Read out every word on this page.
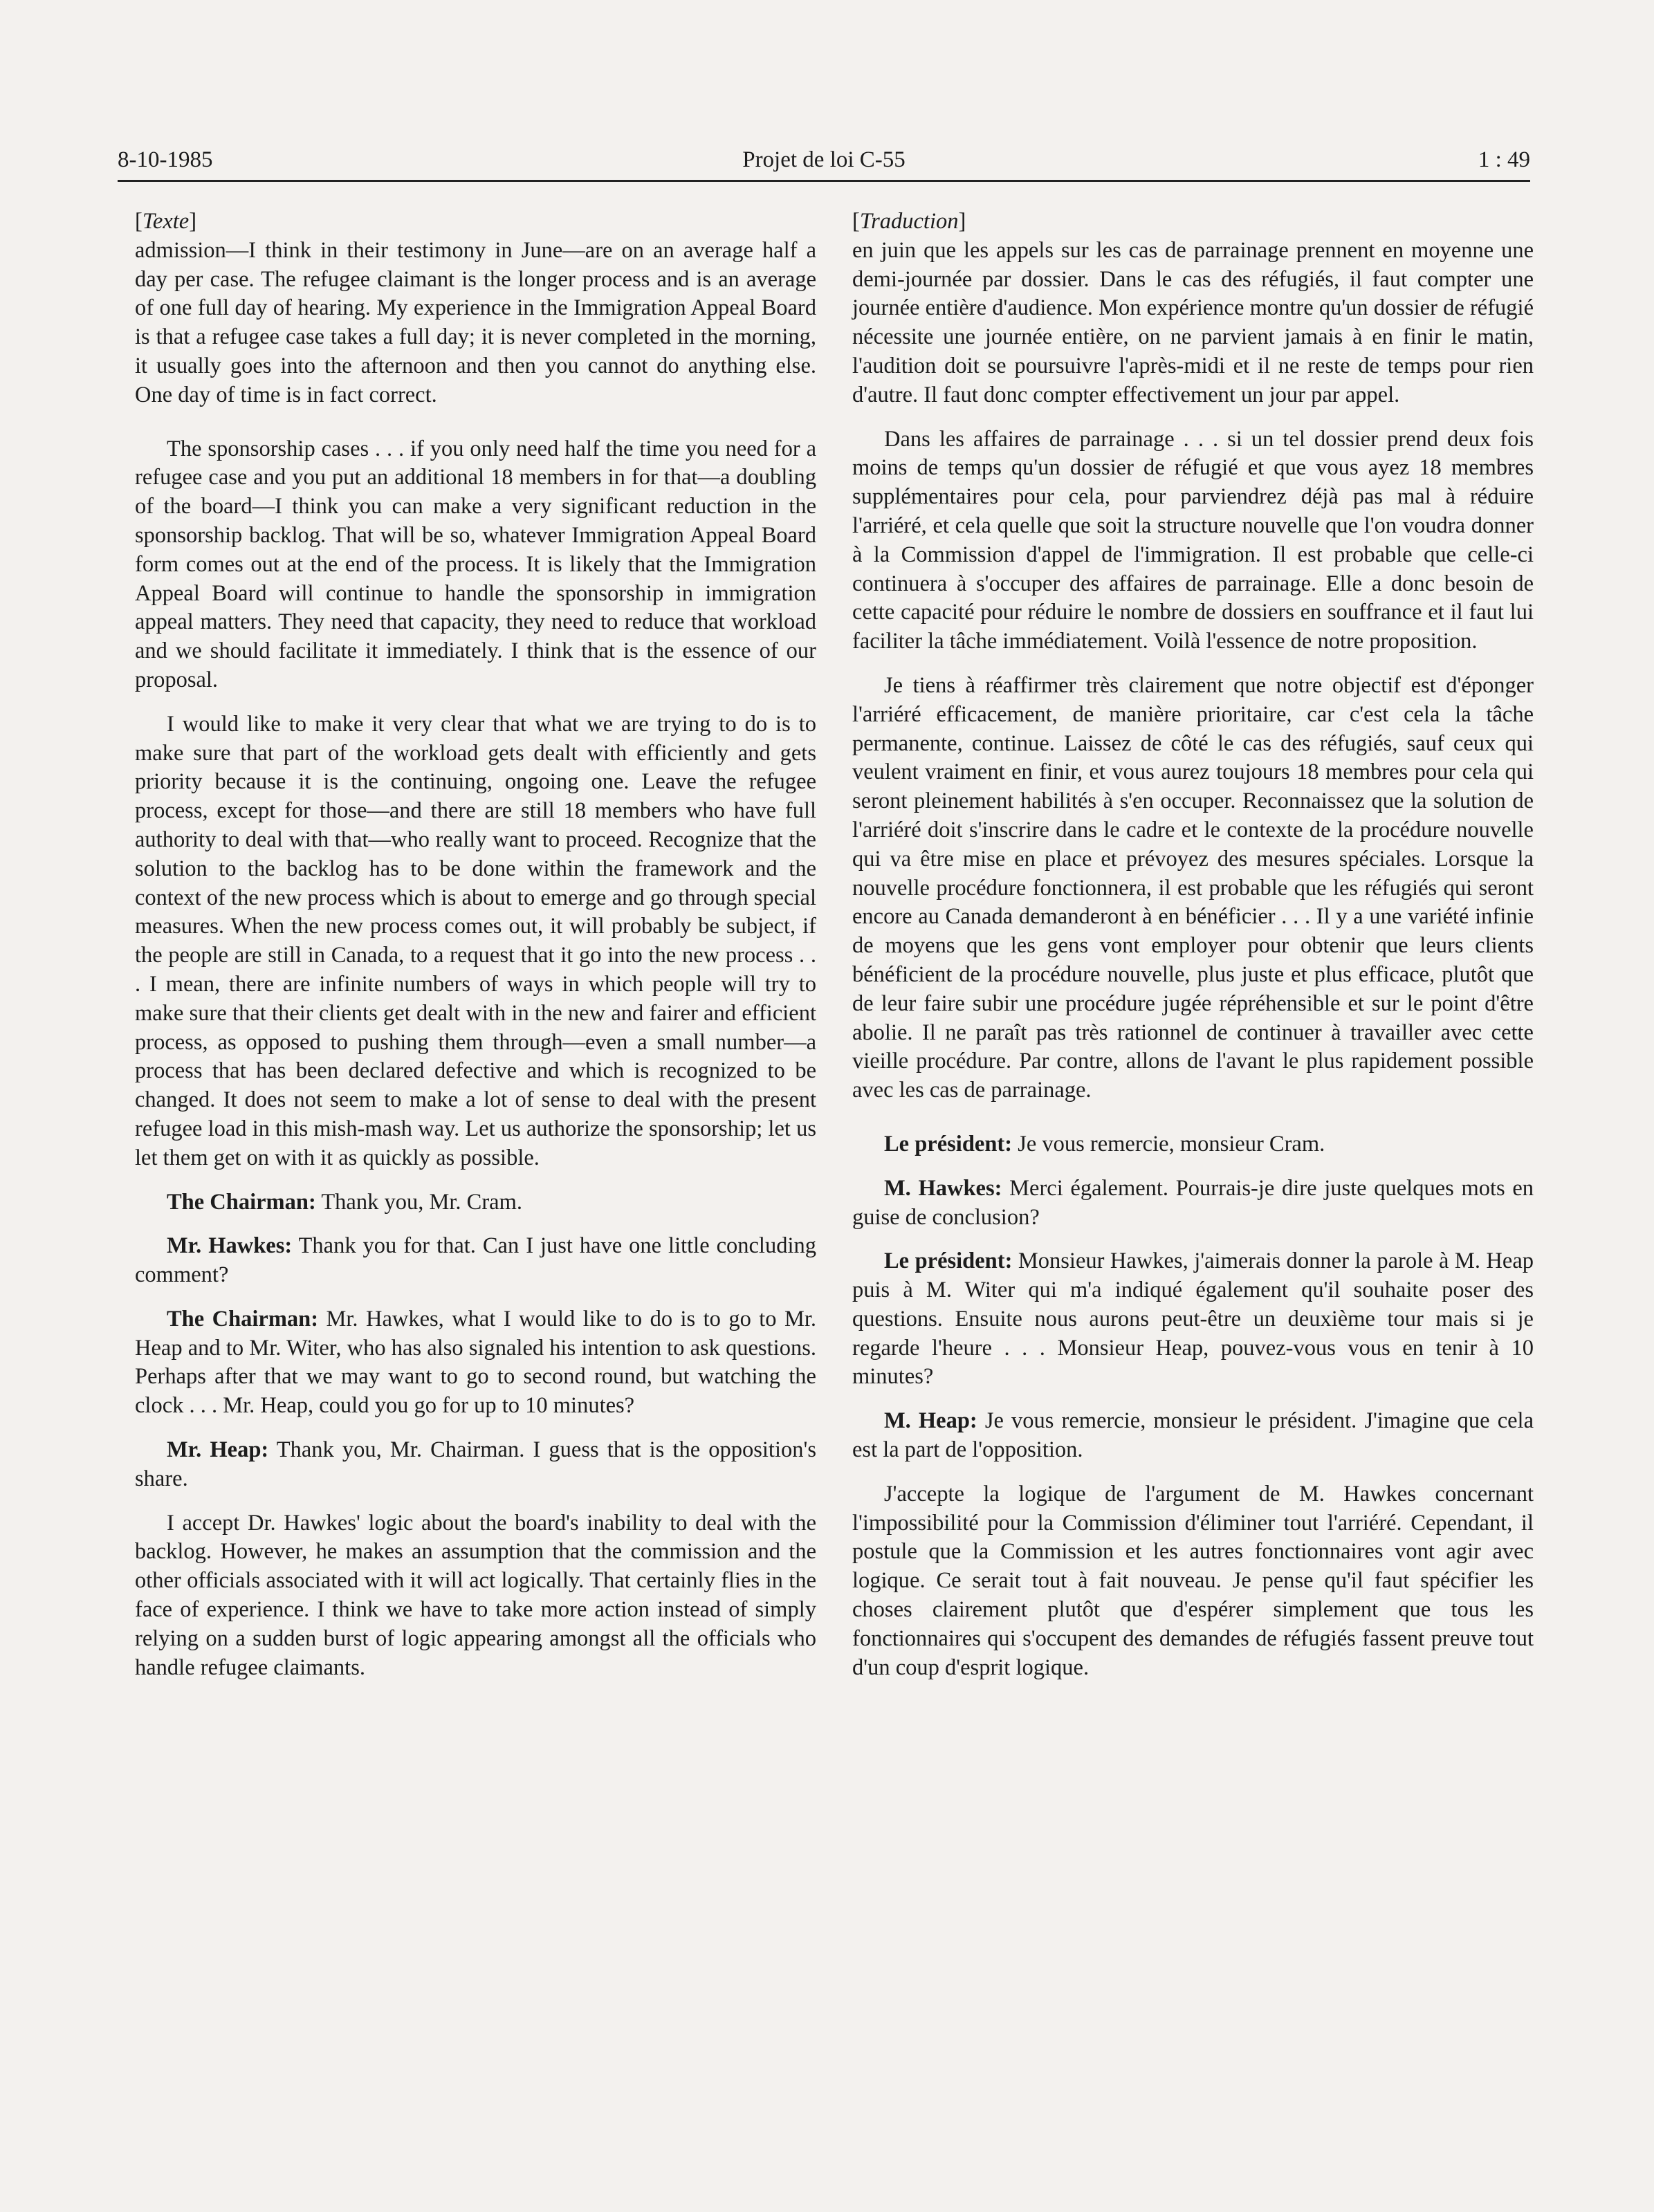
8-10-1985	Projet de loi C-55	1 : 49
[Texte]

admission—I think in their testimony in June—are on an average half a day per case. The refugee claimant is the longer process and is an average of one full day of hearing. My experience in the Immigration Appeal Board is that a refugee case takes a full day; it is never completed in the morning, it usually goes into the afternoon and then you cannot do anything else. One day of time is in fact correct.

The sponsorship cases . . . if you only need half the time you need for a refugee case and you put an additional 18 members in for that—a doubling of the board—I think you can make a very significant reduction in the sponsorship backlog. That will be so, whatever Immigration Appeal Board form comes out at the end of the process. It is likely that the Immigration Appeal Board will continue to handle the sponsorship in immigration appeal matters. They need that capacity, they need to reduce that workload and we should facilitate it immediately. I think that is the essence of our proposal.

I would like to make it very clear that what we are trying to do is to make sure that part of the workload gets dealt with efficiently and gets priority because it is the continuing, ongoing one. Leave the refugee process, except for those—and there are still 18 members who have full authority to deal with that—who really want to proceed. Recognize that the solution to the backlog has to be done within the framework and the context of the new process which is about to emerge and go through special measures. When the new process comes out, it will probably be subject, if the people are still in Canada, to a request that it go into the new process . . . I mean, there are infinite numbers of ways in which people will try to make sure that their clients get dealt with in the new and fairer and efficient process, as opposed to pushing them through—even a small number—a process that has been declared defective and which is recognized to be changed. It does not seem to make a lot of sense to deal with the present refugee load in this mish-mash way. Let us authorize the sponsorship; let us let them get on with it as quickly as possible.

The Chairman: Thank you, Mr. Cram.

Mr. Hawkes: Thank you for that. Can I just have one little concluding comment?

The Chairman: Mr. Hawkes, what I would like to do is to go to Mr. Heap and to Mr. Witer, who has also signaled his intention to ask questions. Perhaps after that we may want to go to second round, but watching the clock . . . Mr. Heap, could you go for up to 10 minutes?

Mr. Heap: Thank you, Mr. Chairman. I guess that is the opposition's share.

I accept Dr. Hawkes' logic about the board's inability to deal with the backlog. However, he makes an assumption that the commission and the other officials associated with it will act logically. That certainly flies in the face of experience. I think we have to take more action instead of simply relying on a sudden burst of logic appearing amongst all the officials who handle refugee claimants.

[Traduction]

en juin que les appels sur les cas de parrainage prennent en moyenne une demi-journée par dossier. Dans le cas des réfugiés, il faut compter une journée entière d'audience. Mon expérience montre qu'un dossier de réfugié nécessite une journée entière, on ne parvient jamais à en finir le matin, l'audition doit se poursuivre l'après-midi et il ne reste de temps pour rien d'autre. Il faut donc compter effectivement un jour par appel.

Dans les affaires de parrainage . . . si un tel dossier prend deux fois moins de temps qu'un dossier de réfugié et que vous ayez 18 membres supplémentaires pour cela, pour parviendrez déjà pas mal à réduire l'arriéré, et cela quelle que soit la structure nouvelle que l'on voudra donner à la Commission d'appel de l'immigration. Il est probable que celle-ci continuera à s'occuper des affaires de parrainage. Elle a donc besoin de cette capacité pour réduire le nombre de dossiers en souffrance et il faut lui faciliter la tâche immédiatement. Voilà l'essence de notre proposition.

Je tiens à réaffirmer très clairement que notre objectif est d'éponger l'arriéré efficacement, de manière prioritaire, car c'est cela la tâche permanente, continue. Laissez de côté le cas des réfugiés, sauf ceux qui veulent vraiment en finir, et vous aurez toujours 18 membres pour cela qui seront pleinement habilités à s'en occuper. Reconnaissez que la solution de l'arriéré doit s'inscrire dans le cadre et le contexte de la procédure nouvelle qui va être mise en place et prévoyez des mesures spéciales. Lorsque la nouvelle procédure fonctionnera, il est probable que les réfugiés qui seront encore au Canada demanderont à en bénéficier . . . Il y a une variété infinie de moyens que les gens vont employer pour obtenir que leurs clients bénéficient de la procédure nouvelle, plus juste et plus efficace, plutôt que de leur faire subir une procédure jugée répréhensible et sur le point d'être abolie. Il ne paraît pas très rationnel de continuer à travailler avec cette vieille procédure. Par contre, allons de l'avant le plus rapidement possible avec les cas de parrainage.

Le président: Je vous remercie, monsieur Cram.

M. Hawkes: Merci également. Pourrais-je dire juste quelques mots en guise de conclusion?

Le président: Monsieur Hawkes, j'aimerais donner la parole à M. Heap puis à M. Witer qui m'a indiqué également qu'il souhaite poser des questions. Ensuite nous aurons peut-être un deuxième tour mais si je regarde l'heure . . . Monsieur Heap, pouvez-vous vous en tenir à 10 minutes?

M. Heap: Je vous remercie, monsieur le président. J'imagine que cela est la part de l'opposition.

J'accepte la logique de l'argument de M. Hawkes concernant l'impossibilité pour la Commission d'éliminer tout l'arriéré. Cependant, il postule que la Commission et les autres fonctionnaires vont agir avec logique. Ce serait tout à fait nouveau. Je pense qu'il faut spécifier les choses clairement plutôt que d'espérer simplement que tous les fonctionnaires qui s'occupent des demandes de réfugiés fassent preuve tout d'un coup d'esprit logique.
